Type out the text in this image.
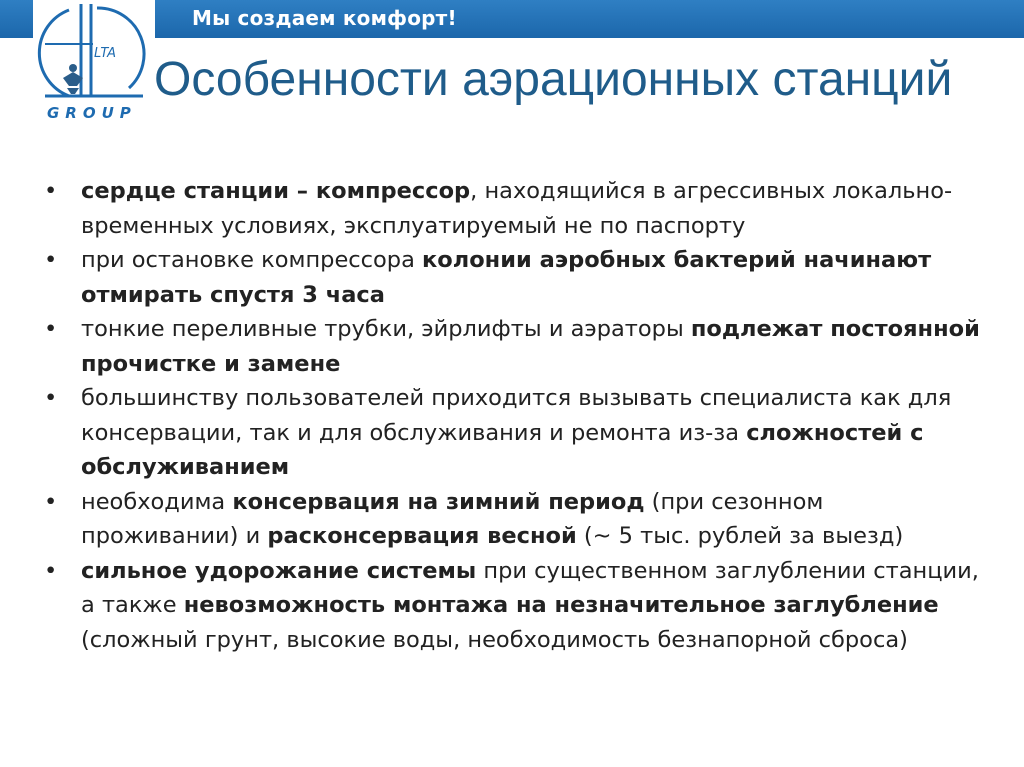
Мы создаем комфорт!
LTA
GROUP
Особенности аэрационных станций
• сердце станции – компрессор, находящийся в агрессивных локально-временных условиях, эксплуатируемый не по паспорту
• при остановке компрессора колонии аэробных бактерий начинают отмирать спустя 3 часа
• тонкие переливные трубки, эйрлифты и аэраторы подлежат постоянной прочистке и замене
• большинству пользователей приходится вызывать специалиста как для консервации, так и для обслуживания и ремонта из-за сложностей с обслуживанием
• необходима консервация на зимний период (при сезонном проживании) и расконсервация весной (~ 5 тыс. рублей за выезд)
• сильное удорожание системы при существенном заглублении станции, а также невозможность монтажа на незначительное заглубление (сложный грунт, высокие воды, необходимость безнапорной сброса)
